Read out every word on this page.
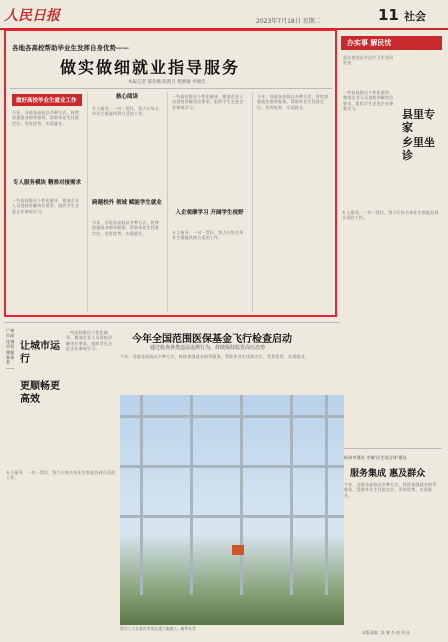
人民日报	2023年7月18日 星期二	11 社会
各地各高校帮助毕业生发挥自身优势——
做实做细就业指导服务
本报记者 郝亚楠 陈凯月 程惠敏 申晓光
做好高校毕业生就业工作
今年，各地各高校以多种方式，持续加强就业指导服务，帮助毕业生找准定位、发挥优势、实现就业。
专人服务模块 精准对接需求
一些高校推出个性化辅导，邀请企业人员进校讲解岗位要求，组织学生走进企业参观学习。
核心阅读
专人指导、一对一帮扶，努力让每名毕业生都能找到合适的工作。
跨越校外 领域 赋能学生就业
今年，各地各高校以多种方式，持续加强就业指导服务，帮助毕业生找准定位、发挥优势、实现就业。
一些高校推出个性化辅导，邀请企业人员进校讲解岗位要求，组织学生走进企业参观学习。
入企观摩学习 开阔学生视野
专人指导、一对一帮扶，努力让每名毕业生都能找到合适的工作。
今年，各地各高校以多种方式，持续加强就业指导服务，帮助毕业生找准定位、发挥优势、实现就业。
办实事 解民忧
重庆推进县乡医疗卫生协同发展
一些高校推出个性化辅导，邀请企业人员进校讲解岗位要求，组织学生走进企业参观学习。	县里专家
乡里坐诊
专人指导、一对一帮扶，努力让每名毕业生都能找到合适的工作。
杭州市建设 市域'民生综合体'建设
服务集成 惠及群众
今年，各地各高校以多种方式，持续加强就业指导服务，帮助毕业生找准定位、发挥优势、实现就业。
广州市深化城市管理服务体系——
让城市运行
更顺畅更高效
一些高校推出个性化辅导，邀请企业人员进校讲解岗位要求，组织学生走进企业参观学习。
专人指导、一对一帮扶，努力让每名毕业生都能找到合适的工作。
今年全国范围医保基金飞行检查启动
通过检查各类违法违规行为，持续保持监管高压态势
今年，各地各高校以多种方式，持续加强就业指导服务，帮助毕业生找准定位、发挥优势、实现就业。
图为工人在重庆市某在建工地施工。新华社发
本版责编：陈 雁 李 萌 刘 佳
